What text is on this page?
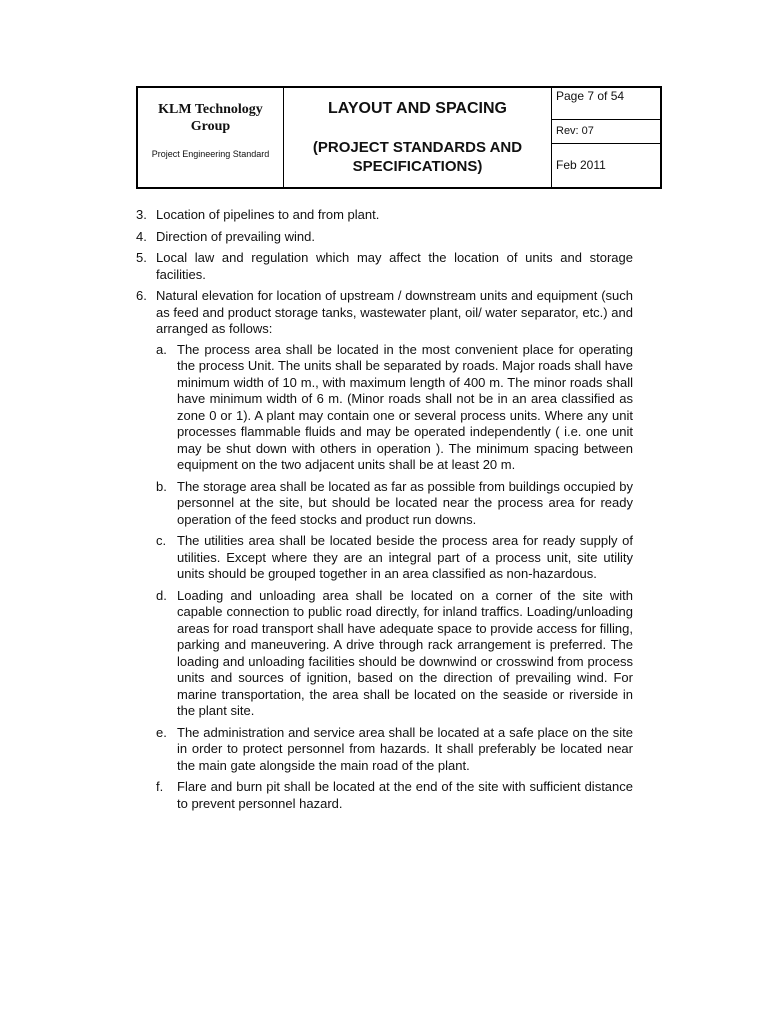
KLM Technology Group
Project Engineering Standard
LAYOUT AND SPACING
(PROJECT STANDARDS AND SPECIFICATIONS)
Page 7 of 54
Rev: 07
Feb 2011
3. Location of pipelines to and from plant.
4. Direction of prevailing wind.
5. Local law and regulation which may affect the location of units and storage facilities.
6. Natural elevation for location of upstream / downstream units and equipment (such as feed and product storage tanks, wastewater plant, oil/ water separator, etc.) and arranged as follows:
a. The process area shall be located in the most convenient place for operating the process Unit. The units shall be separated by roads. Major roads shall have minimum width of 10 m., with maximum length of 400 m. The minor roads shall have minimum width of 6 m. (Minor roads shall not be in an area classified as zone 0 or 1). A plant may contain one or several process units. Where any unit processes flammable fluids and may be operated independently ( i.e. one unit may be shut down with others in operation ). The minimum spacing between equipment on the two adjacent units shall be at least 20 m.
b. The storage area shall be located as far as possible from buildings occupied by personnel at the site, but should be located near the process area for ready operation of the feed stocks and product run downs.
c. The utilities area shall be located beside the process area for ready supply of utilities. Except where they are an integral part of a process unit, site utility units should be grouped together in an area classified as non-hazardous.
d. Loading and unloading area shall be located on a corner of the site with capable connection to public road directly, for inland traffics. Loading/unloading areas for road transport shall have adequate space to provide access for filling, parking and maneuvering. A drive through rack arrangement is preferred. The loading and unloading facilities should be downwind or crosswind from process units and sources of ignition, based on the direction of prevailing wind. For marine transportation, the area shall be located on the seaside or riverside in the plant site.
e. The administration and service area shall be located at a safe place on the site in order to protect personnel from hazards. It shall preferably be located near the main gate alongside the main road of the plant.
f.	Flare and burn pit shall be located at the end of the site with sufficient distance to prevent personnel hazard.
